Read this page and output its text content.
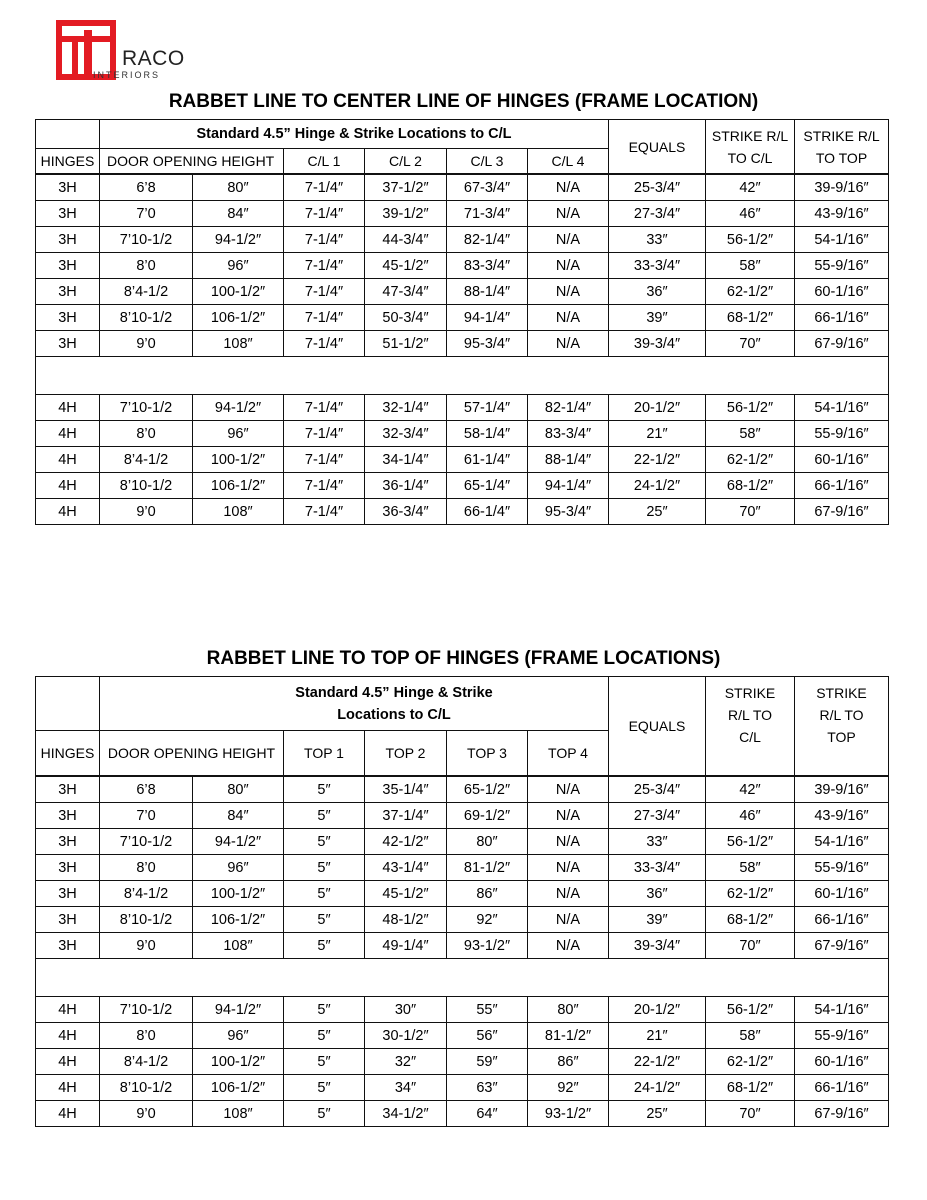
RACO
INTERIORS
RABBET LINE TO CENTER LINE OF HINGES (FRAME LOCATION)
	Standard 4.5” Hinge & Strike Locations to C/L						EQUALS	STRIKE R/L TO C/L	STRIKE R/L TO TOP
HINGES	DOOR OPENING HEIGHT		C/L 1	C/L 2	C/L 3	C/L 4			
3H	6’8	80″	7-1/4″	37-1/2″	67-3/4″	N/A	25-3/4″	42″	39-9/16″
3H	7’0	84″	7-1/4″	39-1/2″	71-3/4″	N/A	27-3/4″	46″	43-9/16″
3H	7’10-1/2	94-1/2″	7-1/4″	44-3/4″	82-1/4″	N/A	33″	56-1/2″	54-1/16″
3H	8’0	96″	7-1/4″	45-1/2″	83-3/4″	N/A	33-3/4″	58″	55-9/16″
3H	8’4-1/2	100-1/2″	7-1/4″	47-3/4″	88-1/4″	N/A	36″	62-1/2″	60-1/16″
3H	8’10-1/2	106-1/2″	7-1/4″	50-3/4″	94-1/4″	N/A	39″	68-1/2″	66-1/16″
3H	9’0	108″	7-1/4″	51-1/2″	95-3/4″	N/A	39-3/4″	70″	67-9/16″

4H	7’10-1/2	94-1/2″	7-1/4″	32-1/4″	57-1/4″	82-1/4″	20-1/2″	56-1/2″	54-1/16″
4H	8’0	96″	7-1/4″	32-3/4″	58-1/4″	83-3/4″	21″	58″	55-9/16″
4H	8’4-1/2	100-1/2″	7-1/4″	34-1/4″	61-1/4″	88-1/4″	22-1/2″	62-1/2″	60-1/16″
4H	8’10-1/2	106-1/2″	7-1/4″	36-1/4″	65-1/4″	94-1/4″	24-1/2″	68-1/2″	66-1/16″
4H	9’0	108″	7-1/4″	36-3/4″	66-1/4″	95-3/4″	25″	70″	67-9/16″
RABBET LINE TO TOP OF HINGES (FRAME LOCATIONS)
	Standard 4.5” Hinge & Strike Locations to C/L						EQUALS	STRIKE R/L TO C/L	STRIKE R/L TO TOP
HINGES	DOOR OPENING HEIGHT		TOP 1	TOP 2	TOP 3	TOP 4			
3H	6’8	80″	5″	35-1/4″	65-1/2″	N/A	25-3/4″	42″	39-9/16″
3H	7’0	84″	5″	37-1/4″	69-1/2″	N/A	27-3/4″	46″	43-9/16″
3H	7’10-1/2	94-1/2″	5″	42-1/2″	80″	N/A	33″	56-1/2″	54-1/16″
3H	8’0	96″	5″	43-1/4″	81-1/2″	N/A	33-3/4″	58″	55-9/16″
3H	8’4-1/2	100-1/2″	5″	45-1/2″	86″	N/A	36″	62-1/2″	60-1/16″
3H	8’10-1/2	106-1/2″	5″	48-1/2″	92″	N/A	39″	68-1/2″	66-1/16″
3H	9’0	108″	5″	49-1/4″	93-1/2″	N/A	39-3/4″	70″	67-9/16″

4H	7’10-1/2	94-1/2″	5″	30″	55″	80″	20-1/2″	56-1/2″	54-1/16″
4H	8’0	96″	5″	30-1/2″	56″	81-1/2″	21″	58″	55-9/16″
4H	8’4-1/2	100-1/2″	5″	32″	59″	86″	22-1/2″	62-1/2″	60-1/16″
4H	8’10-1/2	106-1/2″	5″	34″	63″	92″	24-1/2″	68-1/2″	66-1/16″
4H	9’0	108″	5″	34-1/2″	64″	93-1/2″	25″	70″	67-9/16″
